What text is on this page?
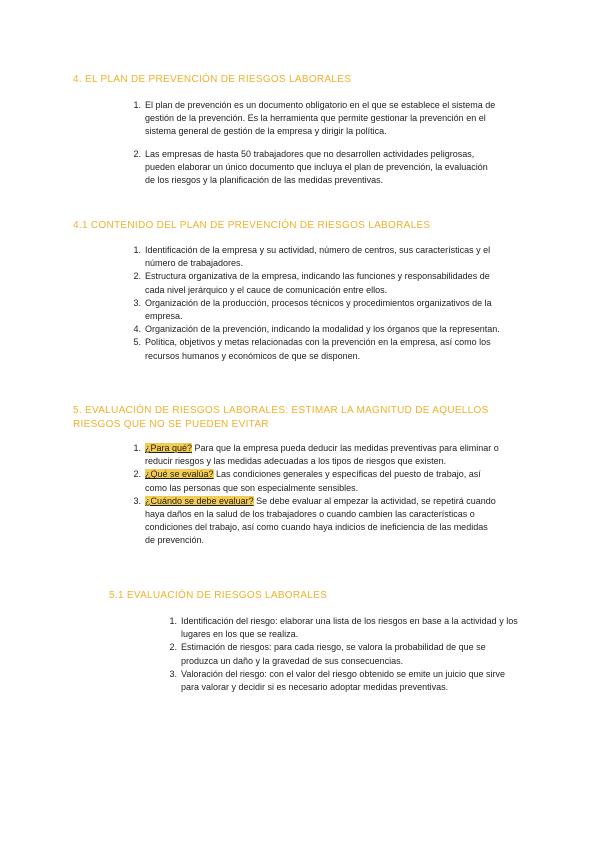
4. EL PLAN DE PREVENCIÓN DE RIESGOS LABORALES
1. El plan de prevención es un documento obligatorio en el que se establece el sistema de gestión de la prevención. Es la herramienta que permite gestionar la prevención en el sistema general de gestión de la empresa y dirigir la política.
2. Las empresas de hasta 50 trabajadores que no desarrollen actividades peligrosas, pueden elaborar un único documento que incluya el plan de prevención, la evaluación de los riesgos y la planificación de las medidas preventivas.
4.1 CONTENIDO DEL PLAN DE PREVENCIÓN DE RIESGOS LABORALES
1. Identificación de la empresa y su actividad, número de centros, sus características y el número de trabajadores.
2. Estructura organizativa de la empresa, indicando las funciones y responsabilidades de cada nivel jerárquico y el cauce de comunicación entre ellos.
3. Organización de la producción, procesos técnicos y procedimientos organizativos de la empresa.
4. Organización de la prevención, indicando la modalidad y los órganos que la representan.
5. Política, objetivos y metas relacionadas con la prevención en la empresa, así como los recursos humanos y económicos de que se disponen.
5. EVALUACIÓN DE RIESGOS LABORALES: ESTIMAR LA MAGNITUD DE AQUELLOS RIESGOS QUE NO SE PUEDEN EVITAR
1. ¿Para qué? Para que la empresa pueda deducir las medidas preventivas para eliminar o reducir riesgos y las medidas adecuadas a los tipos de riesgos que existen.
2. ¿Qué se evalúa? Las condiciones generales y específicas del puesto de trabajo, así como las personas que son especialmente sensibles.
3. ¿Cuándo se debe evaluar? Se debe evaluar al empezar la actividad, se repetirá cuando haya daños en la salud de los trabajadores o cuando cambien las características o condiciones del trabajo, así como cuando haya indicios de ineficiencia de las medidas de prevención.
5.1 EVALUACIÓN DE RIESGOS LABORALES
1. Identificación del riesgo: elaborar una lista de los riesgos en base a la actividad y los lugares en los que se realiza.
2. Estimación de riesgos: para cada riesgo, se valora la probabilidad de que se produzca un daño y la gravedad de sus consecuencias.
3. Valoración del riesgo: con el valor del riesgo obtenido se emite un juicio que sirve para valorar y decidir si es necesario adoptar medidas preventivas.
